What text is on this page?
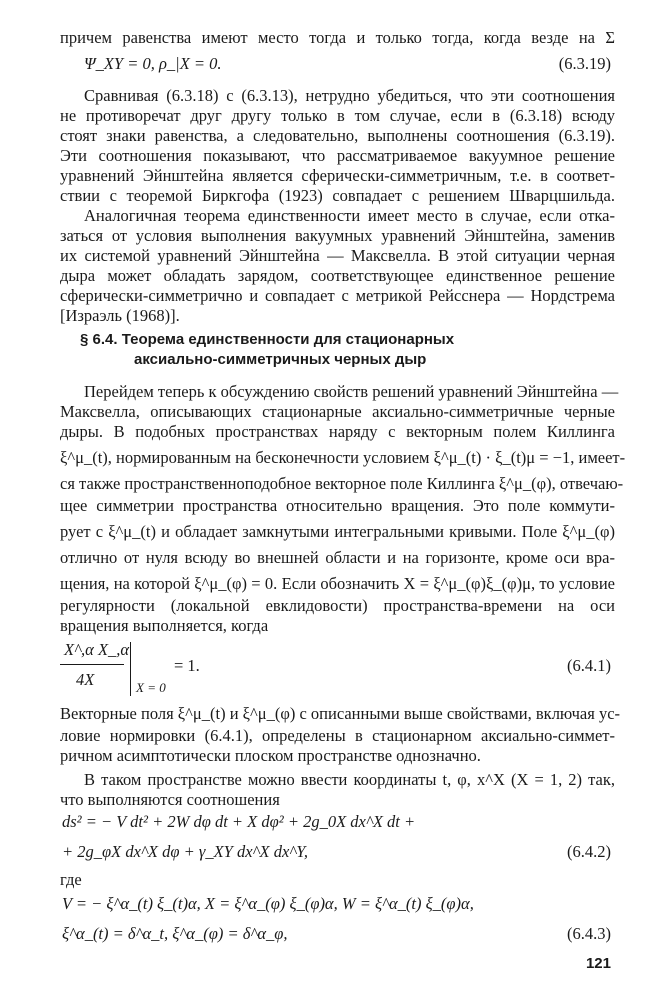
причем равенства имеют место тогда и только тогда, когда везде на Σ
Ψ_XY = 0, ρ_|X = 0.	(6.3.19)
Сравнивая (6.3.18) с (6.3.13), нетрудно убедиться, что эти соотношения
не противоречат друг другу только в том случае, если в (6.3.18) всюду
стоят знаки равенства, а следовательно, выполнены соотношения (6.3.19).
Эти соотношения показывают, что рассматриваемое вакуумное решение
уравнений Эйнштейна является сферически-симметричным, т.е. в соответ-
ствии с теоремой Биркгофа (1923) совпадает с решением Шварцшильда.
Аналогичная теорема единственности имеет место в случае, если отка-
заться от условия выполнения вакуумных уравнений Эйнштейна, заменив
их системой уравнений Эйнштейна — Максвелла. В этой ситуации черная
дыра может обладать зарядом, соответствующее единственное решение
сферически-симметрично и совпадает с метрикой Рейсснера — Нордстрема
[Израэль (1968)].
§ 6.4. Теорема единственности для стационарных
аксиально-симметричных черных дыр
Перейдем теперь к обсуждению свойств решений уравнений Эйнштейна —
Максвелла, описывающих стационарные аксиально-симметричные черные
дыры. В подобных пространствах наряду с векторным полем Киллинга
ξ^μ_(t), нормированным на бесконечности условием ξ^μ_(t) · ξ_(t)μ = −1, имеет-
ся также пространственноподобное векторное поле Киллинга ξ^μ_(φ), отвечаю-
щее симметрии пространства относительно вращения. Это поле коммути-
рует с ξ^μ_(t) и обладает замкнутыми интегральными кривыми. Поле ξ^μ_(φ)
отлично от нуля всюду во внешней области и на горизонте, кроме оси вра-
щения, на которой ξ^μ_(φ) = 0. Если обозначить X = ξ^μ_(φ)ξ_(φ)μ, то условие
регулярности (локальной евклидовости) пространства-времени на оси
вращения выполняется, когда
X^,α X_,α
4X	X = 0
= 1.	(6.4.1)
Векторные поля ξ^μ_(t) и ξ^μ_(φ) с описанными выше свойствами, включая ус-
ловие нормировки (6.4.1), определены в стационарном аксиально-симмет-
ричном асимптотически плоском пространстве однозначно.
В таком пространстве можно ввести координаты t, φ, x^X (X = 1, 2) так,
что выполняются соотношения
ds² = − V dt² + 2W dφ dt + X dφ² + 2g_0X dx^X dt +
+ 2g_φX dx^X dφ + γ_XY dx^X dx^Y,	(6.4.2)
где
V = − ξ^α_(t) ξ_(t)α, X = ξ^α_(φ) ξ_(φ)α, W = ξ^α_(t) ξ_(φ)α,
ξ^α_(t) = δ^α_t, ξ^α_(φ) = δ^α_φ,	(6.4.3)
121
